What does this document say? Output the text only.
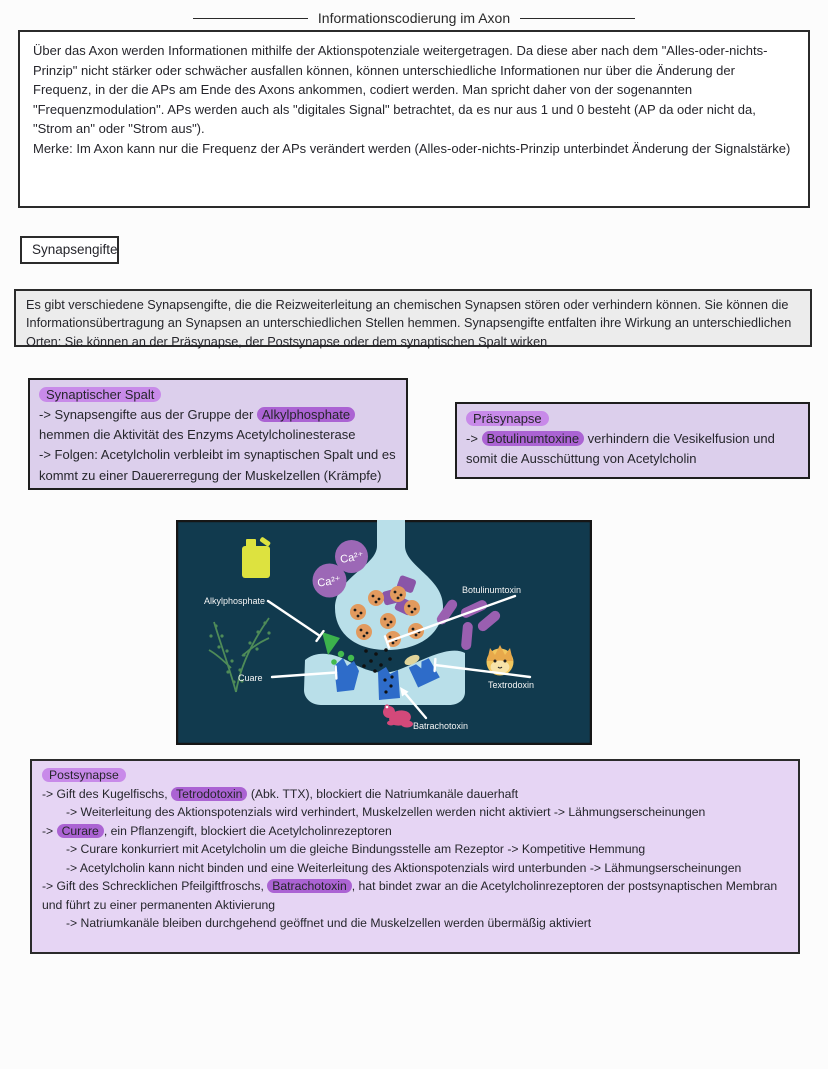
Informationscodierung im Axon

Über das Axon werden Informationen mithilfe der Aktionspotenziale weitergetragen. Da diese aber nach dem "Alles-oder-nichts-Prinzip" nicht stärker oder schwächer ausfallen können, können unterschiedliche Informationen nur über die Änderung der Frequenz, in der die APs am Ende des Axons ankommen, codiert werden. Man spricht daher von der sogenannten "Frequenzmodulation". APs werden auch als "digitales Signal" betrachtet, da es nur aus 1 und 0 besteht (AP da oder nicht da, "Strom an" oder "Strom aus").

Merke: Im Axon kann nur die Frequenz der APs verändert werden (Alles-oder-nichts-Prinzip unterbindet Änderung der Signalstärke)

Synapsengifte

Es gibt verschiedene Synapsengifte, die die Reizweiterleitung an chemischen Synapsen stören oder verhindern können. Sie können die Informationsübertragung an Synapsen an unterschiedlichen Stellen hemmen. Synapsengifte entfalten ihre Wirkung an unterschiedlichen Orten: Sie können an der Präsynapse, der Postsynapse oder dem synaptischen Spalt wirken

Synaptischer Spalt

-> Synapsengifte aus der Gruppe der Alkylphosphate hemmen die Aktivität des Enzyms Acetylcholinesterase

-> Folgen: Acetylcholin verbleibt im synaptischen Spalt und es kommt zu einer Dauererregung der Muskelzellen (Krämpfe)

Präsynapse

-> Botulinumtoxine verhindern die Vesikelfusion und somit die Ausschüttung von Acetylcholin

Ca²⁺
Ca²⁺
Alkylphosphate
Cuare
Botulinumtoxin
Textrodoxin
Batrachotoxin
Postsynapse

-> Gift des Kugelfischs, Tetrodotoxin (Abk. TTX), blockiert die Natriumkanäle dauerhaft

-> Weiterleitung des Aktionspotenzials wird verhindert, Muskelzellen werden nicht aktiviert -> Lähmungserscheinungen

-> Curare , ein Pflanzengift, blockiert die Acetylcholinrezeptoren

-> Curare konkurriert mit Acetylcholin um die gleiche Bindungsstelle am Rezeptor -> Kompetitive Hemmung

-> Acetylcholin kann nicht binden und eine Weiterleitung des Aktionspotenzials wird unterbunden -> Lähmungserscheinungen

-> Gift des Schrecklichen Pfeilgiftfroschs, Batrachotoxin , hat bindet zwar an die Acetylcholinrezeptoren der postsynaptischen Membran und führt zu einer permanenten Aktivierung

-> Natriumkanäle bleiben durchgehend geöffnet und die Muskelzellen werden übermäßig aktiviert
